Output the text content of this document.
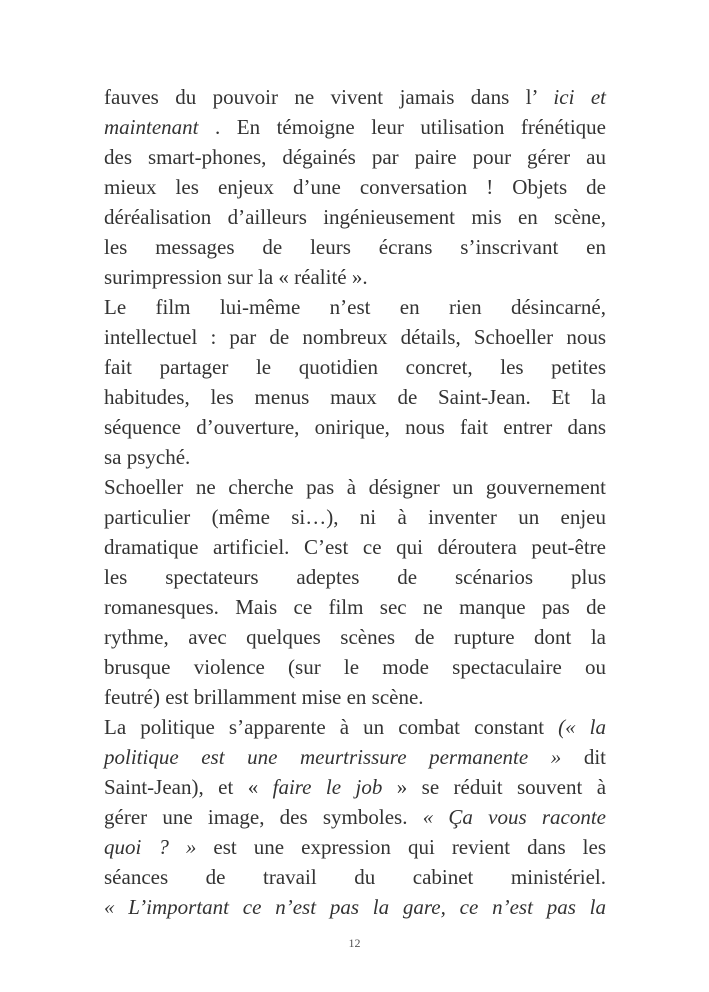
fauves du pouvoir ne vivent jamais dans l’ ici et
maintenant . En témoigne leur utilisation frénétique
des smart-phones, dégainés par paire pour gérer au
mieux les enjeux d’une conversation ! Objets de
déréalisation d’ailleurs ingénieusement mis en scène,
les messages de leurs écrans s’inscrivant en
surimpression sur la « réalité ».
Le film lui-même n’est en rien désincarné,
intellectuel : par de nombreux détails, Schoeller nous
fait partager le quotidien concret, les petites
habitudes, les menus maux de Saint-Jean. Et la
séquence d’ouverture, onirique, nous fait entrer dans
sa psyché.
Schoeller ne cherche pas à désigner un gouvernement
particulier (même si…), ni à inventer un enjeu
dramatique artificiel. C’est ce qui déroutera peut-être
les spectateurs adeptes de scénarios plus
romanesques. Mais ce film sec ne manque pas de
rythme, avec quelques scènes de rupture dont la
brusque violence (sur le mode spectaculaire ou
feutré) est brillamment mise en scène.
La politique s’apparente à un combat constant (« la
politique est une meurtrissure permanente » dit
Saint-Jean), et « faire le job » se réduit souvent à
gérer une image, des symboles. « Ça vous raconte
quoi ? » est une expression qui revient dans les
séances de travail du cabinet ministériel.
« L’important ce n’est pas la gare, ce n’est pas la
12
